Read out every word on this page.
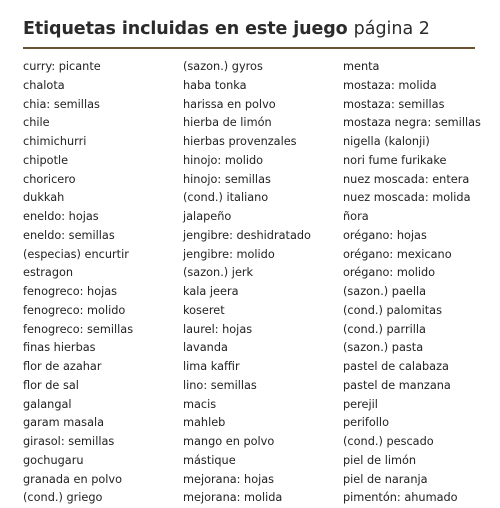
Etiquetas incluidas en este juego página 2
curry: picante
chalota
chia: semillas
chile
chimichurri
chipotle
choricero
dukkah
eneldo: hojas
eneldo: semillas
(especias) encurtir
estragon
fenogreco: hojas
fenogreco: molido
fenogreco: semillas
finas hierbas
flor de azahar
flor de sal
galangal
garam masala
girasol: semillas
gochugaru
granada en polvo
(cond.) griego
(sazon.) gyros
haba tonka
harissa en polvo
hierba de limón
hierbas provenzales
hinojo: molido
hinojo: semillas
(cond.) italiano
jalapeño
jengibre: deshidratado
jengibre: molido
(sazon.) jerk
kala jeera
koseret
laurel: hojas
lavanda
lima kaffir
lino: semillas
macis
mahleb
mango en polvo
mástique
mejorana: hojas
mejorana: molida
menta
mostaza: molida
mostaza: semillas
mostaza negra: semillas
nigella (kalonji)
nori fume furikake
nuez moscada: entera
nuez moscada: molida
ñora
orégano: hojas
orégano: mexicano
orégano: molido
(sazon.) paella
(cond.) palomitas
(cond.) parrilla
(sazon.) pasta
pastel de calabaza
pastel de manzana
perejil
perifollo
(cond.) pescado
piel de limón
piel de naranja
pimentón: ahumado
